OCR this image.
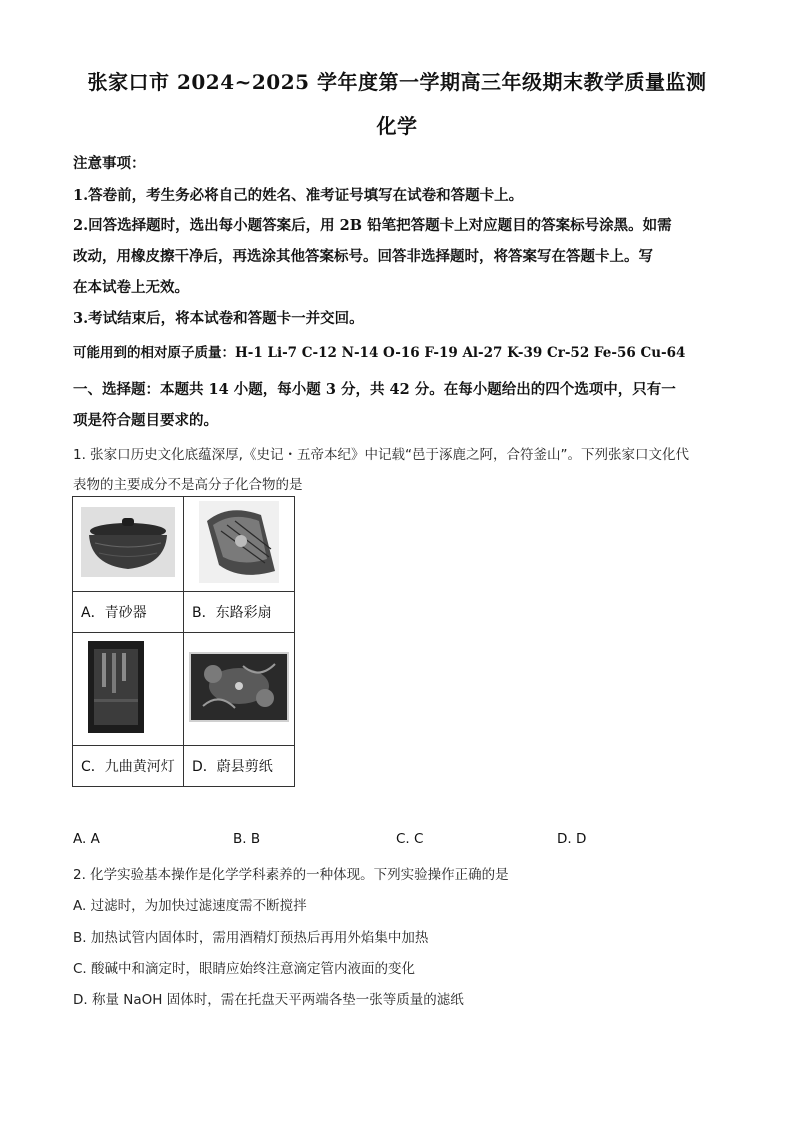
张家口市 2024~2025 学年度第一学期高三年级期末教学质量监测
化学
注意事项：
1.答卷前，考生务必将自己的姓名、准考证号填写在试卷和答题卡上。
2.回答选择题时，选出每小题答案后，用 2B 铅笔把答题卡上对应题目的答案标号涂黑。如需
改动，用橡皮擦干净后，再选涂其他答案标号。回答非选择题时，将答案写在答题卡上。写
在本试卷上无效。
3.考试结束后，将本试卷和答题卡一并交回。
可能用到的相对原子质量：H-1 Li-7 C-12 N-14 O-16 F-19 Al-27 K-39 Cr-52 Fe-56 Cu-64
一、选择题：本题共 14 小题，每小题 3 分，共 42 分。在每小题给出的四个选项中，只有一
项是符合题目要求的。
1. 张家口历史文化底蕴深厚,《史记・五帝本纪》中记载“邑于涿鹿之阿，合符釜山”。下列张家口文化代
表物的主要成分不是高分子化合物的是

A．青砂器	B．东路彩扇

C．九曲黄河灯	D．蔚县剪纸
A. A	B. B	C. C	D. D
2. 化学实验基本操作是化学学科素养的一种体现。下列实验操作正确的是
A. 过滤时，为加快过滤速度需不断搅拌
B. 加热试管内固体时，需用酒精灯预热后再用外焰集中加热
C. 酸碱中和滴定时，眼睛应始终注意滴定管内液面的变化
D. 称量 NaOH 固体时，需在托盘天平两端各垫一张等质量的滤纸
